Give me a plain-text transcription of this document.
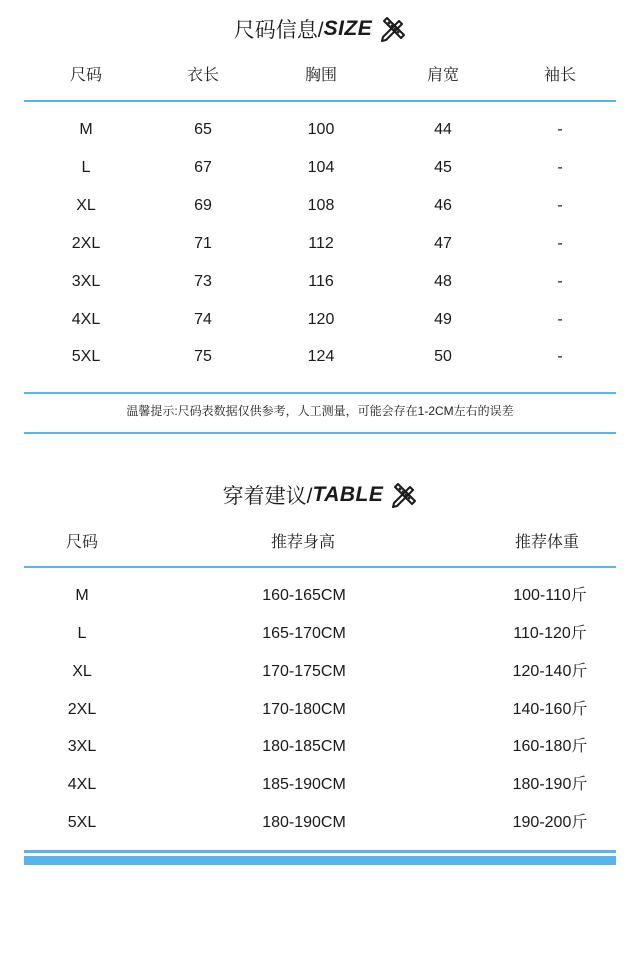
尺码信息/ SIZE
尺码	衣长	胸围	肩宽	袖长
M	65	100	44	-
L	67	104	45	-
XL	69	108	46	-
2XL	71	112	47	-
3XL	73	116	48	-
4XL	74	120	49	-
5XL	75	124	50	-
温馨提示:尺码表数据仅供参考，人工测量，可能会存在1-2CM左右的误差
穿着建议/ TABLE
尺码	推荐身高	推荐体重
M	160-165CM	100-110斤
L	165-170CM	110-120斤
XL	170-175CM	120-140斤
2XL	170-180CM	140-160斤
3XL	180-185CM	160-180斤
4XL	185-190CM	180-190斤
5XL	180-190CM	190-200斤
